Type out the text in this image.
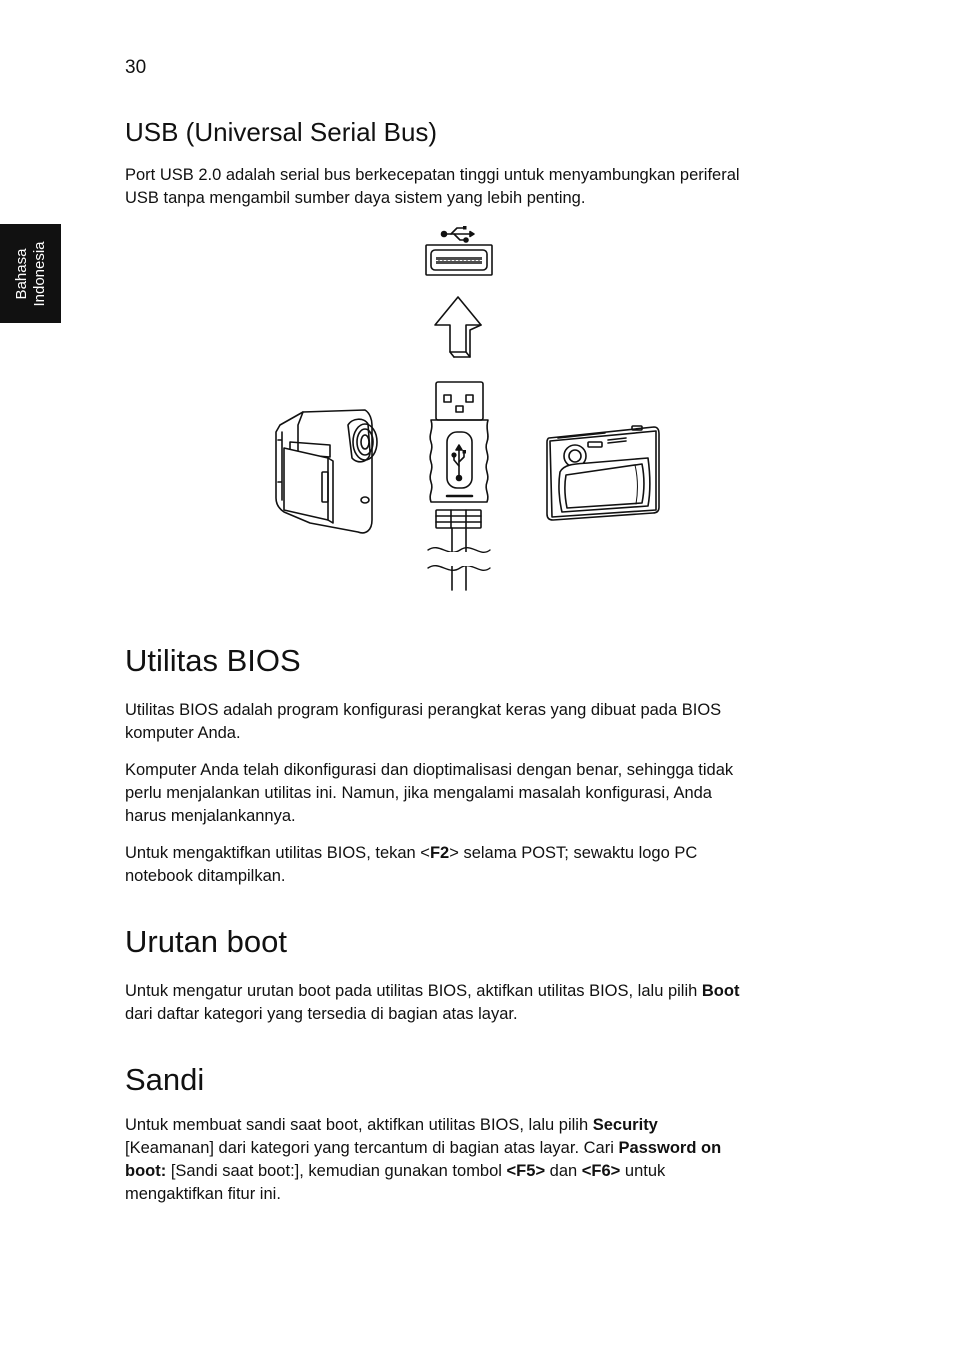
30
Bahasa Indonesia
USB (Universal Serial Bus)
Port USB 2.0 adalah serial bus berkecepatan tinggi untuk menyambungkan periferal
USB tanpa mengambil sumber daya sistem yang lebih penting.
Utilitas BIOS
Utilitas BIOS adalah program konfigurasi perangkat keras yang dibuat pada BIOS
komputer Anda.
Komputer Anda telah dikonfigurasi dan dioptimalisasi dengan benar, sehingga tidak
perlu menjalankan utilitas ini. Namun, jika mengalami masalah konfigurasi, Anda
harus menjalankannya.
Untuk mengaktifkan utilitas BIOS, tekan <F2> selama POST; sewaktu logo PC
notebook ditampilkan.
Urutan boot
Untuk mengatur urutan boot pada utilitas BIOS, aktifkan utilitas BIOS, lalu pilih Boot
dari daftar kategori yang tersedia di bagian atas layar.
Sandi
Untuk membuat sandi saat boot, aktifkan utilitas BIOS, lalu pilih Security
[Keamanan] dari kategori yang tercantum di bagian atas layar. Cari Password on
boot: [Sandi saat boot:], kemudian gunakan tombol <F5> dan <F6> untuk
mengaktifkan fitur ini.
